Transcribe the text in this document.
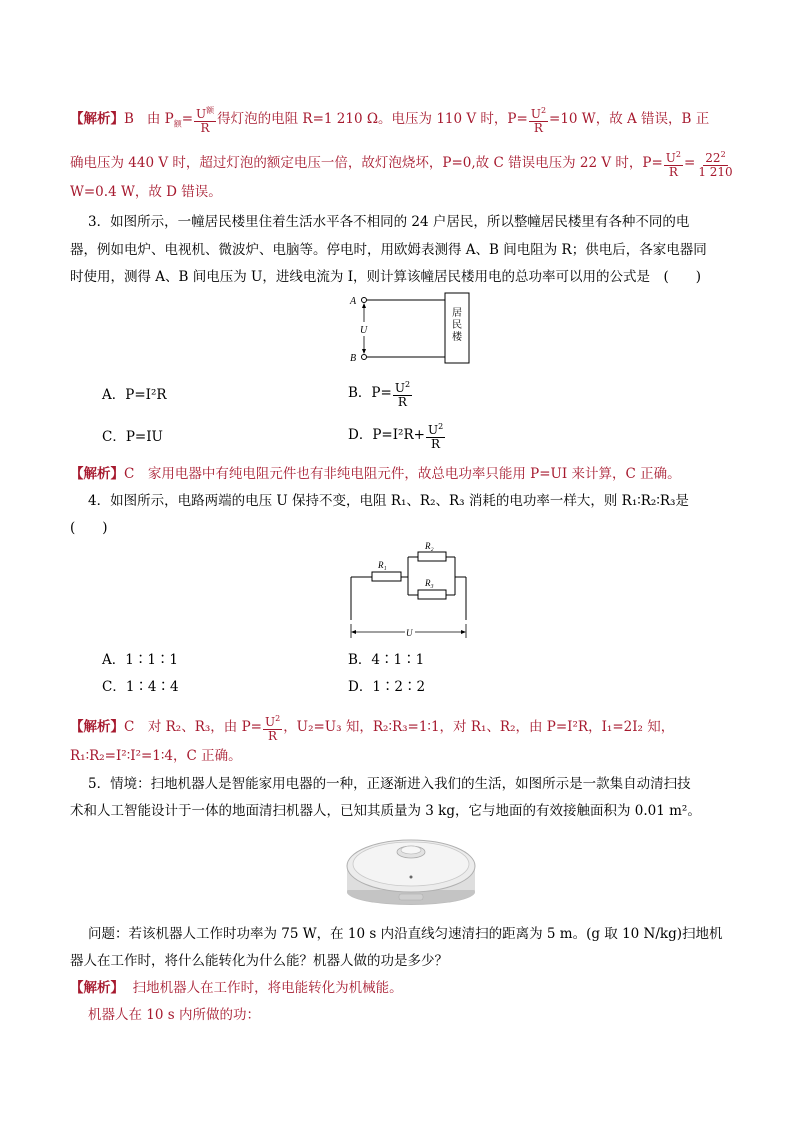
【解析】B 由 $P_额= \frac{U^额}{R}$ 得灯泡的电阻 R=1 210 Ω。电压为 110 V 时，$P= \frac{U^2}{R} =10$ W，故 A 错误，B 正
确电压为 440 V 时，超过灯泡的额定电压一倍，故灯泡烧坏，P=0,故 C 错误电压为 22 V 时，$P= \frac{U^2}{R} = \frac{22^2}{1 210}$
W=0.4 W，故 D 错误。
3．如图所示，一幢居民楼里住着生活水平各不相同的 24 户居民，所以整幢居民楼里有各种不同的电
器，例如电炉、电视机、微波炉、电脑等。停电时，用欧姆表测得 A、B 间电阻为 R；供电后，各家电器同
时使用，测得 A、B 间电压为 U，进线电流为 I，则计算该幢居民楼用电的总功率可以用的公式是　(　　)
A
B
U
居民楼
A．P=I²R	B．$P= \frac{U^2}{R}$
C．P=IU	D．$P=I^2R+ \frac{U^2}{R}$
【解析】C　家用电器中有纯电阻元件也有非纯电阻元件，故总电功率只能用 P=UI 来计算，C 正确。
4．如图所示，电路两端的电压 U 保持不变，电阻 R₁、R₂、R₃ 消耗的电功率一样大，则 R₁∶R₂∶R₃是
(　　)
R₁
R₂
R₃
U
A．1∶1∶1	B．4∶1∶1
C．1∶4∶4	D．1∶2∶2
【解析】C　对 R₂、R₃，由 $P= \frac{U^2}{R}$ ，U₂=U₃ 知，R₂∶R₃=1∶1，对 R₁、R₂，由 P=I²R，I₁=2I₂ 知，
R₁∶R₂=I²∶I²=1∶4，C 正确。
5．情境：扫地机器人是智能家用电器的一种，正逐渐进入我们的生活，如图所示是一款集自动清扫技
术和人工智能设计于一体的地面清扫机器人，已知其质量为 3 kg，它与地面的有效接触面积为 0.01 m²。
问题：若该机器人工作时功率为 75 W，在 10 s 内沿直线匀速清扫的距离为 5 m。(g 取 10 N/kg)扫地机
器人在工作时，将什么能转化为什么能？机器人做的功是多少？
【解析】 扫地机器人在工作时，将电能转化为机械能。
机器人在 10 s 内所做的功：
